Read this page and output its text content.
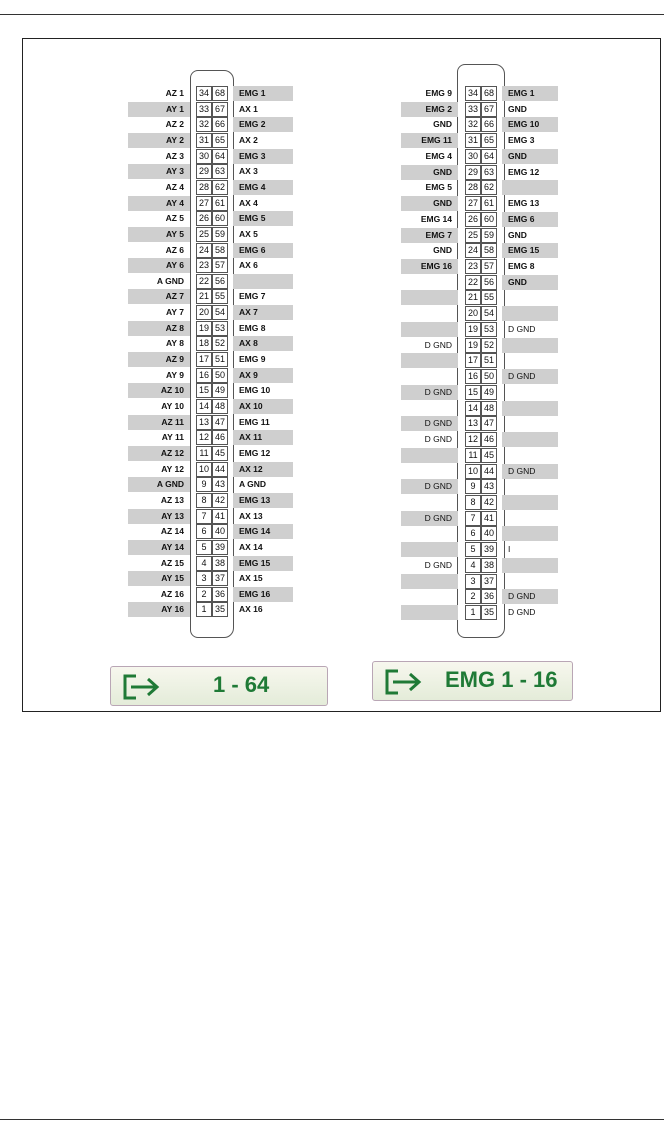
AZ 1	34 68	EMG 1
AY 1	33 67	AX 1
AZ 2	32 66	EMG 2
AY 2	31 65	AX 2
AZ 3	30 64	EMG 3
AY 3	29 63	AX 3
AZ 4	28 62	EMG 4
AY 4	27 61	AX 4
AZ 5	26 60	EMG 5
AY 5	25 59	AX 5
AZ 6	24 58	EMG 6
AY 6	23 57	AX 6
A GND	22 56
AZ 7	21 55	EMG 7
AY 7	20 54	AX 7
AZ 8	19 53	EMG 8
AY 8	18 52	AX 8
AZ 9	17 51	EMG 9
AY 9	16 50	AX 9
AZ 10	15 49	EMG 10
AY 10	14 48	AX 10
AZ 11	13 47	EMG 11
AY 11	12 46	AX 11
AZ 12	11 45	EMG 12
AY 12	10 44	AX 12
A GND	9 43	A GND
AZ 13	8 42	EMG 13
AY 13	7 41	AX 13
AZ 14	6 40	EMG 14
AY 14	5 39	AX 14
AZ 15	4 38	EMG 15
AY 15	3 37	AX 15
AZ 16	2 36	EMG 16
AY 16	1 35	AX 16
EMG 9	34 68	EMG 1
EMG 2	33 67	GND
GND	32 66	EMG 10
EMG 11	31 65	EMG 3
EMG 4	30 64	GND
GND	29 63	EMG 12
EMG 5	28 62
GND	27 61	EMG 13
EMG 14	26 60	EMG 6
EMG 7	25 59	GND
GND	24 58	EMG 15
EMG 16	23 57	EMG 8
22 56	GND
21 55
20 54
19 53	D GND
D GND	19 52
17 51
16 50	D GND
D GND	15 49
14 48
D GND	13 47
D GND	12 46
11 45
10 44	D GND
D GND	9 43
8 42
D GND	7 41
6 40
5 39	I
D GND	4 38
3 37
2 36	D GND
1 35	D GND
1 - 64	EMG 1 - 16
